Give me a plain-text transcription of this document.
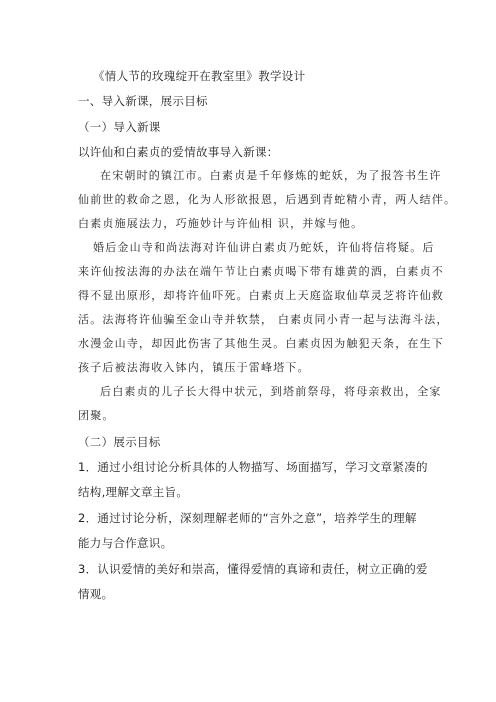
《情人节的玫瑰绽开在教室里》教学设计
一、导入新课，展示目标
（一）导入新课
以许仙和白素贞的爱情故事导入新课：
在宋朝时的镇江市。白素贞是千年修炼的蛇妖，为了报答书生许
仙前世的救命之恩，化为人形欲报恩，后遇到青蛇精小青，两人结伴。
白素贞施展法力，巧施妙计与许仙相 识，并嫁与他。
婚后金山寺和尚法海对许仙讲白素贞乃蛇妖，许仙将信将疑。后
来许仙按法海的办法在端午节让白素贞喝下带有雄黄的酒，白素贞不
得不显出原形，却将许仙吓死。白素贞上天庭盗取仙草灵芝将许仙救
活。法海将许仙骗至金山寺并软禁， 白素贞同小青一起与法海斗法，
水漫金山寺，却因此伤害了其他生灵。白素贞因为触犯天条，在生下
孩子后被法海收入钵内，镇压于雷峰塔下。
后白素贞的儿子长大得中状元，到塔前祭母，将母亲救出，全家
团聚。
（二）展示目标
1．通过小组讨论分析具体的人物描写、场面描写，学习文章紧凑的
结构,理解文章主旨。
2．通过讨论分析，深刻理解老师的“言外之意”，培养学生的理解
能力与合作意识。
3．认识爱情的美好和崇高，懂得爱情的真谛和责任，树立正确的爱
情观。
